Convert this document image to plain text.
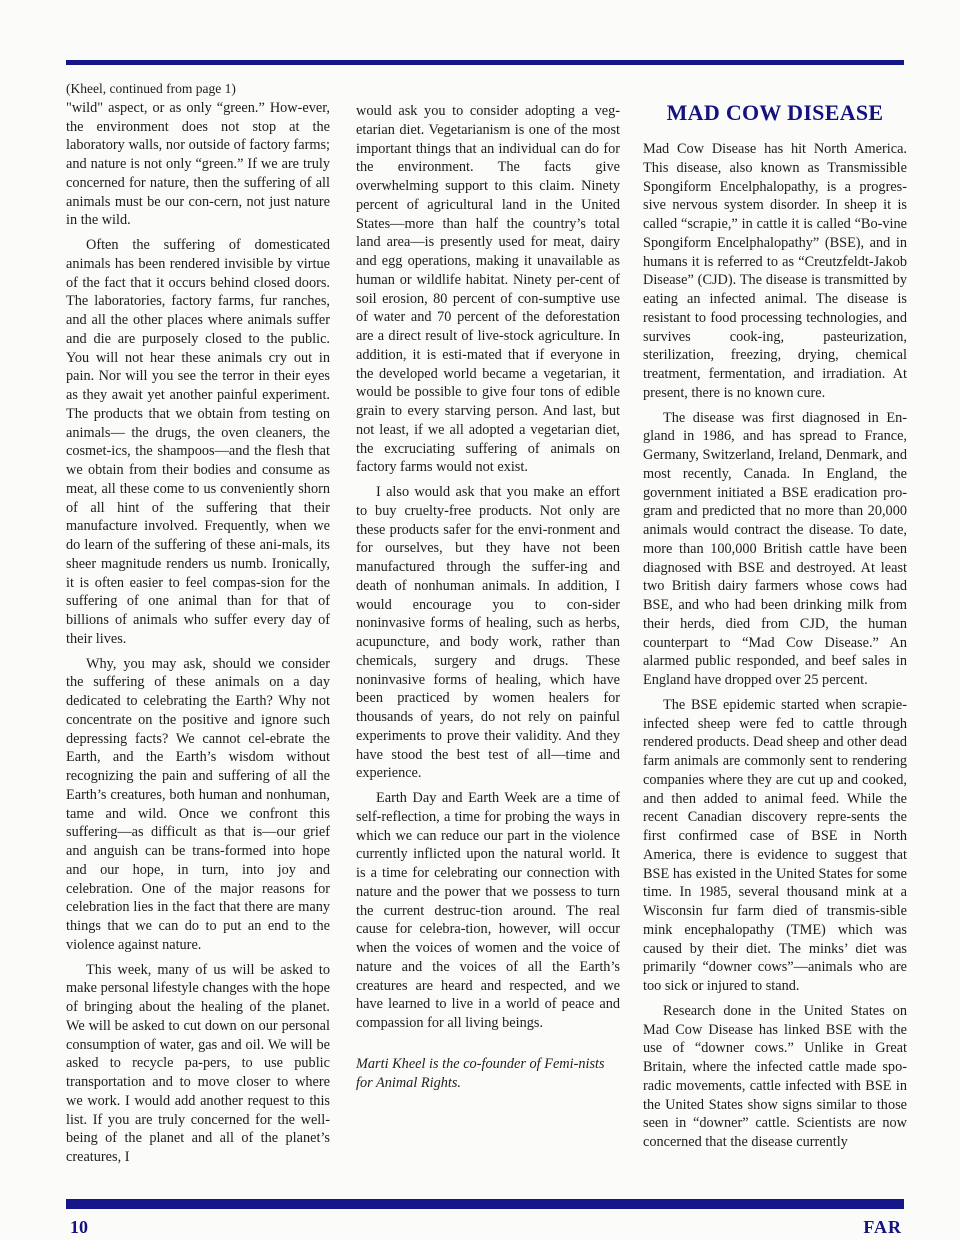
(Kheel, continued from page 1)

"wild" aspect, or as only “green.” How-ever, the environment does not stop at the laboratory walls, nor outside of factory farms; and nature is not only “green.” If we are truly concerned for nature, then the suffering of all animals must be our con-cern, not just nature in the wild.

Often the suffering of domesticated animals has been rendered invisible by virtue of the fact that it occurs behind closed doors. The laboratories, factory farms, fur ranches, and all the other places where animals suffer and die are purposely closed to the public. You will not hear these animals cry out in pain. Nor will you see the terror in their eyes as they await yet another painful experiment. The products that we obtain from testing on animals— the drugs, the oven cleaners, the cosmet-ics, the shampoos—and the flesh that we obtain from their bodies and consume as meat, all these come to us conveniently shorn of all hint of the suffering that their manufacture involved. Frequently, when we do learn of the suffering of these ani-mals, its sheer magnitude renders us numb. Ironically, it is often easier to feel compas-sion for the suffering of one animal than for that of billions of animals who suffer every day of their lives.

Why, you may ask, should we consider the suffering of these animals on a day dedicated to celebrating the Earth? Why not concentrate on the positive and ignore such depressing facts? We cannot cel-ebrate the Earth, and the Earth’s wisdom without recognizing the pain and suffering of all the Earth’s creatures, both human and nonhuman, tame and wild. Once we confront this suffering—as difficult as that is—our grief and anguish can be trans-formed into hope and our hope, in turn, into joy and celebration. One of the major reasons for celebration lies in the fact that there are many things that we can do to put an end to the violence against nature.

This week, many of us will be asked to make personal lifestyle changes with the hope of bringing about the healing of the planet. We will be asked to cut down on our personal consumption of water, gas and oil. We will be asked to recycle pa-pers, to use public transportation and to move closer to where we work. I would add another request to this list. If you are truly concerned for the well-being of the planet and all of the planet’s creatures, I

would ask you to consider adopting a veg-etarian diet. Vegetarianism is one of the most important things that an individual can do for the environment. The facts give overwhelming support to this claim. Ninety percent of agricultural land in the United States—more than half the country’s total land area—is presently used for meat, dairy and egg operations, making it unavailable as human or wildlife habitat. Ninety per-cent of soil erosion, 80 percent of con-sumptive use of water and 70 percent of the deforestation are a direct result of live-stock agriculture. In addition, it is esti-mated that if everyone in the developed world became a vegetarian, it would be possible to give four tons of edible grain to every starving person. And last, but not least, if we all adopted a vegetarian diet, the excruciating suffering of animals on factory farms would not exist.

I also would ask that you make an effort to buy cruelty-free products. Not only are these products safer for the envi-ronment and for ourselves, but they have not been manufactured through the suffer-ing and death of nonhuman animals. In addition, I would encourage you to con-sider noninvasive forms of healing, such as herbs, acupuncture, and body work, rather than chemicals, surgery and drugs. These noninvasive forms of healing, which have been practiced by women healers for thousands of years, do not rely on painful experiments to prove their validity. And they have stood the best test of all—time and experience.

Earth Day and Earth Week are a time of self-reflection, a time for probing the ways in which we can reduce our part in the violence currently inflicted upon the natural world. It is a time for celebrating our connection with nature and the power that we possess to turn the current destruc-tion around. The real cause for celebra-tion, however, will occur when the voices of women and the voice of nature and the voices of all the Earth’s creatures are heard and respected, and we have learned to live in a world of peace and compassion for all living beings.

Marti Kheel is the co-founder of Femi-nists for Animal Rights.

MAD COW DISEASE

Mad Cow Disease has hit North America. This disease, also known as Transmissible Spongiform Encelphalopathy, is a progres-sive nervous system disorder. In sheep it is called “scrapie,” in cattle it is called “Bo-vine Spongiform Encelphalopathy” (BSE), and in humans it is referred to as “Creutzfeldt-Jakob Disease” (CJD). The disease is transmitted by eating an infected animal. The disease is resistant to food processing technologies, and survives cook-ing, pasteurization, sterilization, freezing, drying, chemical treatment, fermentation, and irradiation. At present, there is no known cure.

The disease was first diagnosed in En-gland in 1986, and has spread to France, Germany, Switzerland, Ireland, Denmark, and most recently, Canada. In England, the government initiated a BSE eradication pro-gram and predicted that no more than 20,000 animals would contract the disease. To date, more than 100,000 British cattle have been diagnosed with BSE and destroyed. At least two British dairy farmers whose cows had BSE, and who had been drinking milk from their herds, died from CJD, the human counterpart to “Mad Cow Disease.” An alarmed public responded, and beef sales in England have dropped over 25 percent.

The BSE epidemic started when scrapie-infected sheep were fed to cattle through rendered products. Dead sheep and other dead farm animals are commonly sent to rendering companies where they are cut up and cooked, and then added to animal feed. While the recent Canadian discovery repre-sents the first confirmed case of BSE in North America, there is evidence to suggest that BSE has existed in the United States for some time. In 1985, several thousand mink at a Wisconsin fur farm died of transmis-sible mink encephalopathy (TME) which was caused by their diet. The minks’ diet was primarily “downer cows”—animals who are too sick or injured to stand.

Research done in the United States on Mad Cow Disease has linked BSE with the use of “downer cows.” Unlike in Great Britain, where the infected cattle made spo-radic movements, cattle infected with BSE in the United States show signs similar to those seen in “downer” cattle. Scientists are now concerned that the disease currently

10	FAR
